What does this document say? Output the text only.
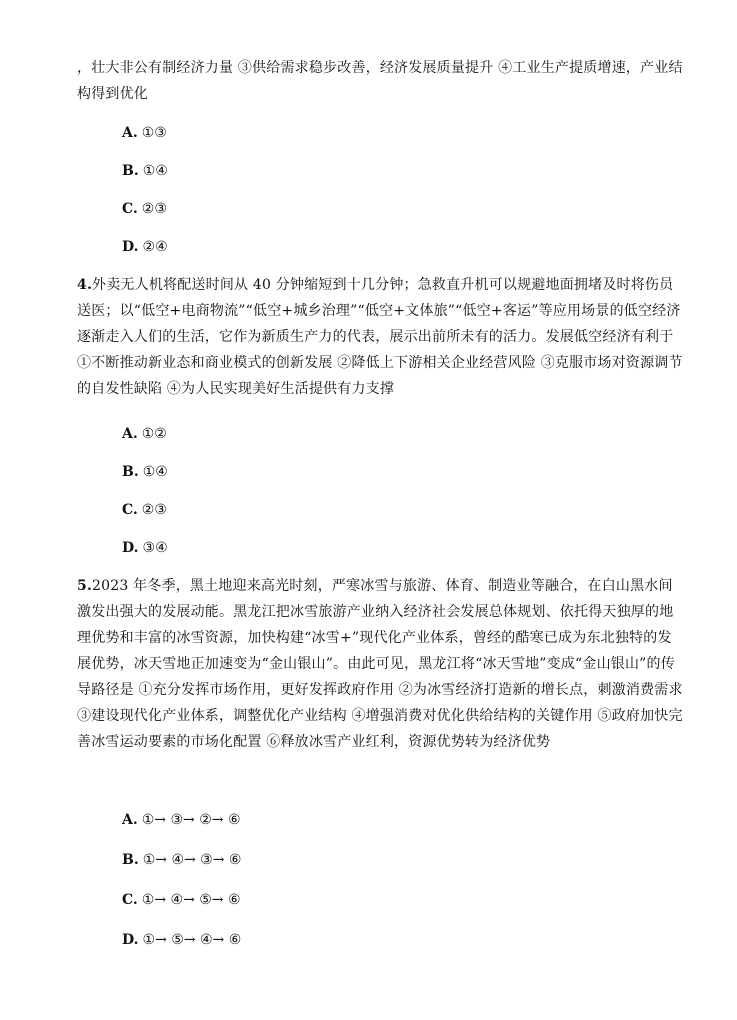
，壮大非公有制经济力量 ③供给需求稳步改善，经济发展质量提升 ④工业生产提质增速，产业结构得到优化

A. ①③

B. ①④

C. ②③

D. ②④

4.外卖无人机将配送时间从 40 分钟缩短到十几分钟；急救直升机可以规避地面拥堵及时将伤员送医；以“低空+电商物流”“低空+城乡治理”“低空+文体旅”“低空+客运”等应用场景的低空经济逐渐走入人们的生活，它作为新质生产力的代表，展示出前所未有的活力。发展低空经济有利于 ①不断推动新业态和商业模式的创新发展 ②降低上下游相关企业经营风险 ③克服市场对资源调节的自发性缺陷 ④为人民实现美好生活提供有力支撑

A. ①②

B. ①④

C. ②③

D. ③④

5.2023 年冬季，黑土地迎来高光时刻，严寒冰雪与旅游、体育、制造业等融合，在白山黑水间激发出强大的发展动能。黑龙江把冰雪旅游产业纳入经济社会发展总体规划、依托得天独厚的地理优势和丰富的冰雪资源，加快构建“冰雪+”现代化产业体系，曾经的酷寒已成为东北独特的发展优势，冰天雪地正加速变为“金山银山”。由此可见，黑龙江将“冰天雪地”变成“金山银山”的传导路径是 ①充分发挥市场作用，更好发挥政府作用 ②为冰雪经济打造新的增长点，刺激消费需求 ③建设现代化产业体系，调整优化产业结构 ④增强消费对优化供给结构的关键作用 ⑤政府加快完善冰雪运动要素的市场化配置 ⑥释放冰雪产业红利，资源优势转为经济优势

A. ①→ ③→ ②→ ⑥

B. ①→ ④→ ③→ ⑥

C. ①→ ④→ ⑤→ ⑥

D. ①→ ⑤→ ④→ ⑥
